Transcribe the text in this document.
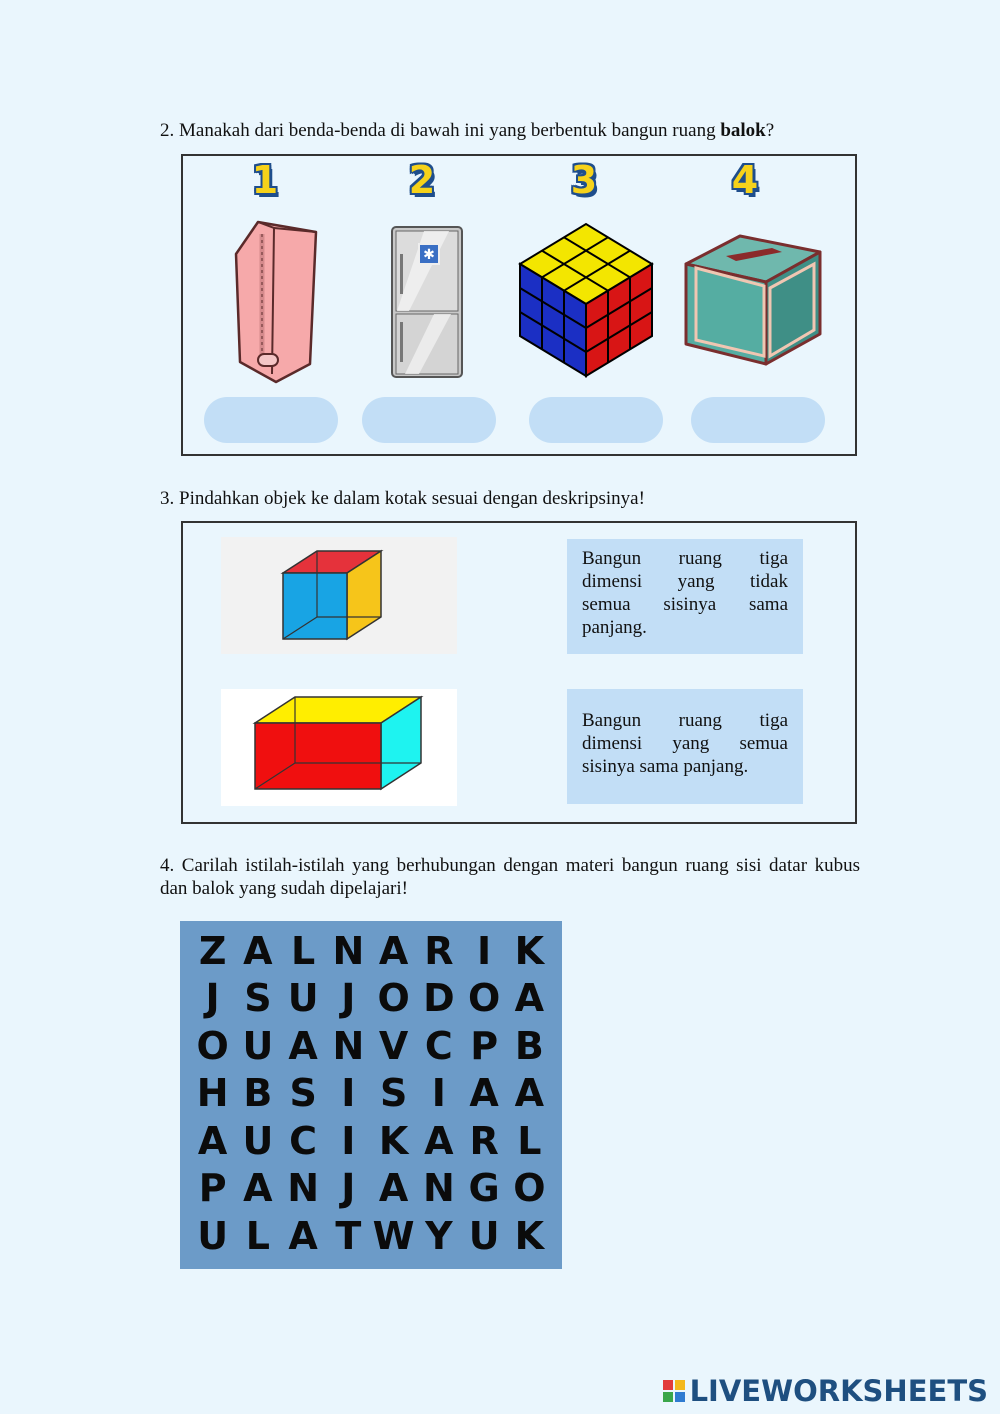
2. Manakah dari benda-benda di bawah ini yang berbentuk bangun ruang balok?
1	2	3	4
✱
3. Pindahkan objek ke dalam kotak sesuai dengan deskripsinya!
Bangun ruang tiga
dimensi yang tidak
semua sisinya sama
panjang.
Bangun ruang tiga
dimensi yang semua
sisinya sama panjang.
4. Carilah istilah-istilah yang berhubungan dengan materi bangun ruang sisi datar kubus dan balok yang sudah dipelajari!
Z A L N A R I K
J S U J O D O A
O U A N V C P B
H B S I S I A A
A U C I K A R L
P A N J A N G O
U L A T W Y U K
LIVEWORKSHEETS
